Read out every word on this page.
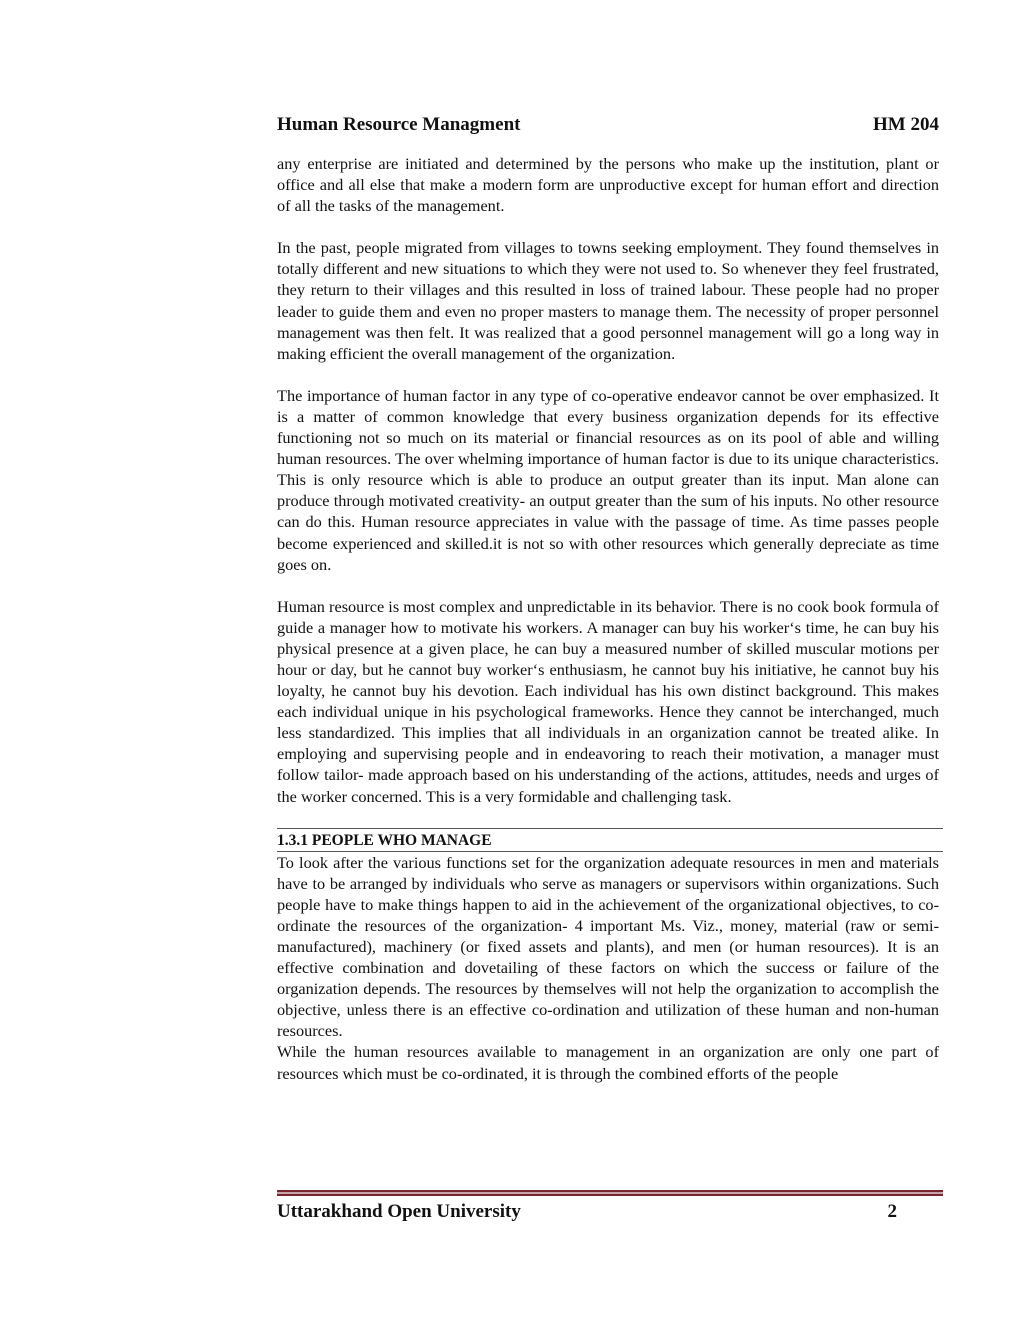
Human Resource Managment	HM 204

any enterprise are initiated and determined by the persons who make up the institution, plant or office and all else that make a modern form are unproductive except for human effort and direction of all the tasks of the management.

In the past, people migrated from villages to towns seeking employment. They found themselves in totally different and new situations to which they were not used to. So whenever they feel frustrated, they return to their villages and this resulted in loss of trained labour. These people had no proper leader to guide them and even no proper masters to manage them. The necessity of proper personnel management was then felt. It was realized that a good personnel management will go a long way in making efficient the overall management of the organization.

The importance of human factor in any type of co-operative endeavor cannot be over emphasized. It is a matter of common knowledge that every business organization depends for its effective functioning not so much on its material or financial resources as on its pool of able and willing human resources. The over whelming importance of human factor is due to its unique characteristics. This is only resource which is able to produce an output greater than its input. Man alone can produce through motivated creativity- an output greater than the sum of his inputs. No other resource can do this. Human resource appreciates in value with the passage of time. As time passes people become experienced and skilled.it is not so with other resources which generally depreciate as time goes on.

Human resource is most complex and unpredictable in its behavior. There is no cook book formula of guide a manager how to motivate his workers. A manager can buy his worker‘s time, he can buy his physical presence at a given place, he can buy a measured number of skilled muscular motions per hour or day, but he cannot buy worker‘s enthusiasm, he cannot buy his initiative, he cannot buy his loyalty, he cannot buy his devotion. Each individual has his own distinct background. This makes each individual unique in his psychological frameworks. Hence they cannot be interchanged, much less standardized. This implies that all individuals in an organization cannot be treated alike. In employing and supervising people and in endeavoring to reach their motivation, a manager must follow tailor- made approach based on his understanding of the actions, attitudes, needs and urges of the worker concerned. This is a very formidable and challenging task.

1.3.1 PEOPLE WHO MANAGE

To look after the various functions set for the organization adequate resources in men and materials have to be arranged by individuals who serve as managers or supervisors within organizations. Such people have to make things happen to aid in the achievement of the organizational objectives, to co-ordinate the resources of the organization- 4 important Ms. Viz., money, material (raw or semi-manufactured), machinery (or fixed assets and plants), and men (or human resources). It is an effective combination and dovetailing of these factors on which the success or failure of the organization depends. The resources by themselves will not help the organization to accomplish the objective, unless there is an effective co-ordination and utilization of these human and non-human resources.

While the human resources available to management in an organization are only one part of resources which must be co-ordinated, it is through the combined efforts of the people

Uttarakhand Open University	2
